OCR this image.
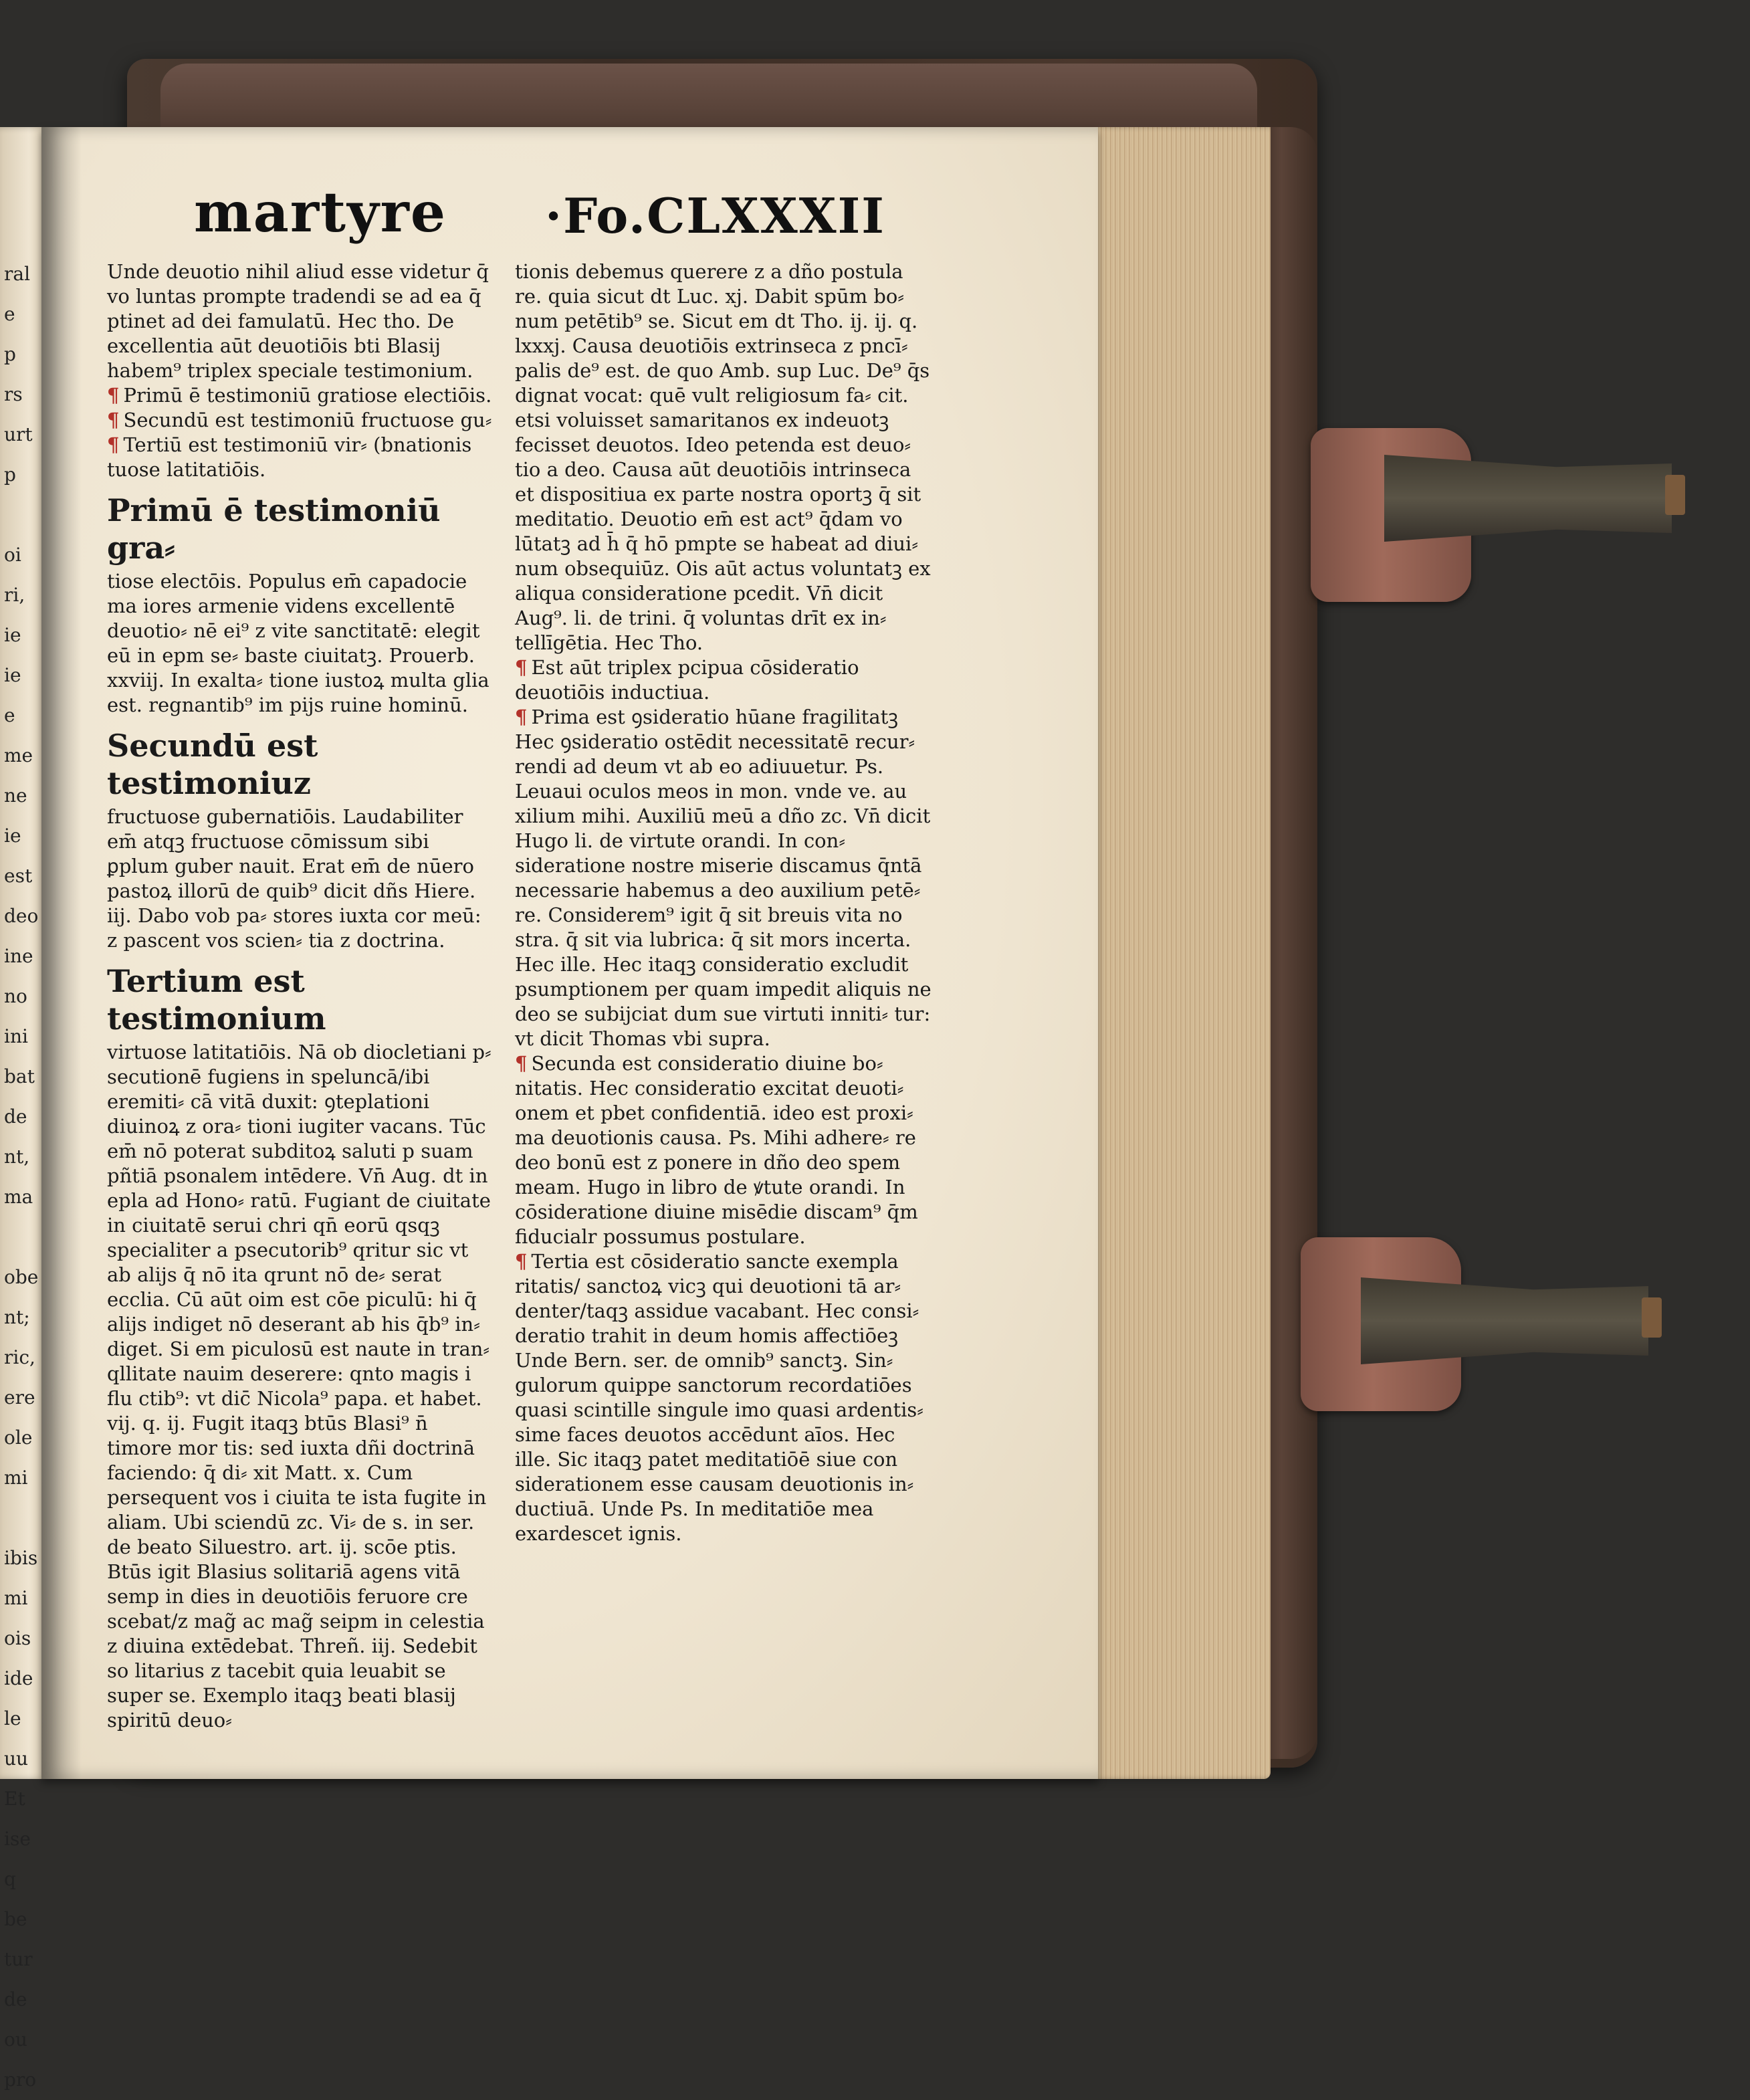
ral
e
p
rs
urt
p

oi
ri,
ie
ie
e
me
ne
ie
est
deo
ine
no
ini
bat
de
nt,
ma

obe
nt;
ric,
ere
ole
mi

ibis
mi
ois
ide
le
uu
Et
ise
q
be
tur
de
ou
pro
martyre ·Fo.CLXXXII

Unde deuotio nihil aliud esse videtur q̄ vo luntas prompte tradendi se ad ea q̄ ptinet ad dei famulatū. Hec tho. De excellentia aūt deuotiōis bti Blasij habem⁹ triplex speciale testimonium.

¶ Primū ē testimoniū gratiose electiōis.

¶ Secundū est testimoniū fructuose gu⸗

¶ Tertiū est testimoniū vir⸗ (bnationis tuose latitatiōis.

Primū ē testimoniū gra⸗

tiose electōis. Populus em̄ capadocie ma iores armenie videns excellentē deuotio⸗ nē ei⁹ z vite sanctitatē: elegit eū in epm se⸗ baste ciuitatꝫ. Prouerb. xxviij. In exalta⸗ tione iustoꝝ multa glia est. regnantib⁹ im pijs ruine hominū.

Secundū est testimoniuz

fructuose gubernatiōis. Laudabiliter em̄ atqꝫ fructuose cōmissum sibi ꝑplum guber nauit. Erat em̄ de nūero pastoꝝ illorū de quib⁹ dicit dñs Hiere. iij. Dabo vob pa⸗ stores iuxta cor meū: z pascent vos scien⸗ tia z doctrina.

Tertium est testimonium

virtuose latitatiōis. Nā ob diocletiani p⸗ secutionē fugiens in speluncā/ibi eremiti⸗ cā vitā duxit: ꝯteplationi diuinoꝝ z ora⸗ tioni iugiter vacans. Tūc em̄ nō poterat subditoꝝ saluti p suam pñtiā psonalem intēdere. Vn̄ Aug. dt in epla ad Hono⸗ ratū. Fugiant de ciuitate in ciuitatē serui chri qn̄ eorū qsqꝫ specialiter a psecutorib⁹ qritur sic vt ab alijs q̄ nō ita qrunt nō de⸗ serat ecclia. Cū aūt oim est cōe piculū: hi q̄ alijs indiget nō deserant ab his q̄b⁹ in⸗ diget. Si em piculosū est naute in tran⸗ qllitate nauim deserere: qnto magis i flu ctib⁹: vt dic̄ Nicola⁹ papa. et habet. vij. q. ij. Fugit itaqꝫ btūs Blasi⁹ n̄ timore mor tis: sed iuxta dñi doctrinā faciendo: q̄ di⸗ xit Matt. x. Cum persequent vos i ciuita te ista fugite in aliam. Ubi sciendū zc. Vi⸗ de s. in ser. de beato Siluestro. art. ij. scōe ptis. Btūs igit Blasius solitariā agens vitā semp in dies in deuotiōis feruore cre scebat/z mag̃ ac mag̃ seipm in celestia z diuina extēdebat. Threñ. iij. Sedebit so litarius z tacebit quia leuabit se super se. Exemplo itaqꝫ beati blasij spiritū deuo⸗

tionis debemus querere z a dño postula re. quia sicut dt Luc. xj. Dabit spūm bo⸗ num petētib⁹ se. Sicut em dt Tho. ij. ij. q. lxxxj. Causa deuotiōis extrinseca z pncī⸗ palis de⁹ est. de quo Amb. sup Luc. De⁹ q̄s dignat vocat: quē vult religiosum fa⸗ cit. etsi voluisset samaritanos ex indeuotꝫ fecisset deuotos. Ideo petenda est deuo⸗ tio a deo. Causa aūt deuotiōis intrinseca et dispositiua ex parte nostra oportꝫ q̄ sit meditatio. Deuotio em̄ est act⁹ q̄dam vo lūtatꝫ ad h̄ q̄ hō pmpte se habeat ad diui⸗ num obsequiūz. Ois aūt actus voluntatꝫ ex aliqua consideratione pcedit. Vn̄ dicit Aug⁹. li. de trini. q̄ voluntas drīt ex in⸗ tellīgētia. Hec Tho.

¶ Est aūt triplex pcipua cōsideratio deuotiōis inductiua.

¶ Prima est ꝯsideratio hūane fragilitatꝫ Hec ꝯsideratio ostēdit necessitatē recur⸗ rendi ad deum vt ab eo adiuuetur. Ps. Leuaui oculos meos in mon. vnde ve. au xilium mihi. Auxiliū meū a dño zc. Vn̄ dicit Hugo li. de virtute orandi. In con⸗ sideratione nostre miserie discamus q̄ntā necessarie habemus a deo auxilium petē⸗ re. Considerem⁹ igit q̄ sit breuis vita no stra. q̄ sit via lubrica: q̄ sit mors incerta. Hec ille. Hec itaqꝫ consideratio excludit psumptionem per quam impedit aliquis ne deo se subijciat dum sue virtuti inniti⸗ tur: vt dicit Thomas vbi supra.

¶ Secunda est consideratio diuine bo⸗ nitatis. Hec consideratio excitat deuoti⸗ onem et pbet confidentiā. ideo est proxi⸗ ma deuotionis causa. Ps. Mihi adhere⸗ re deo bonū est z ponere in dño deo spem meam. Hugo in libro de ꝟtute orandi. In cōsideratione diuine misēdie discam⁹ q̄m fiducialr possumus postulare.

¶ Tertia est cōsideratio sancte exempla ritatis/ sanctoꝝ vicꝫ qui deuotioni tā ar⸗ denter/taqꝫ assidue vacabant. Hec consi⸗ deratio trahit in deum homis affectiōeꝫ Unde Bern. ser. de omnib⁹ sanctꝫ. Sin⸗ gulorum quippe sanctorum recordatiōes quasi scintille singule imo quasi ardentis⸗ sime faces deuotos accēdunt aīos. Hec ille. Sic itaqꝫ patet meditatiōē siue con siderationem esse causam deuotionis in⸗ ductiuā. Unde Ps. In meditatiōe mea exardescet ignis.
